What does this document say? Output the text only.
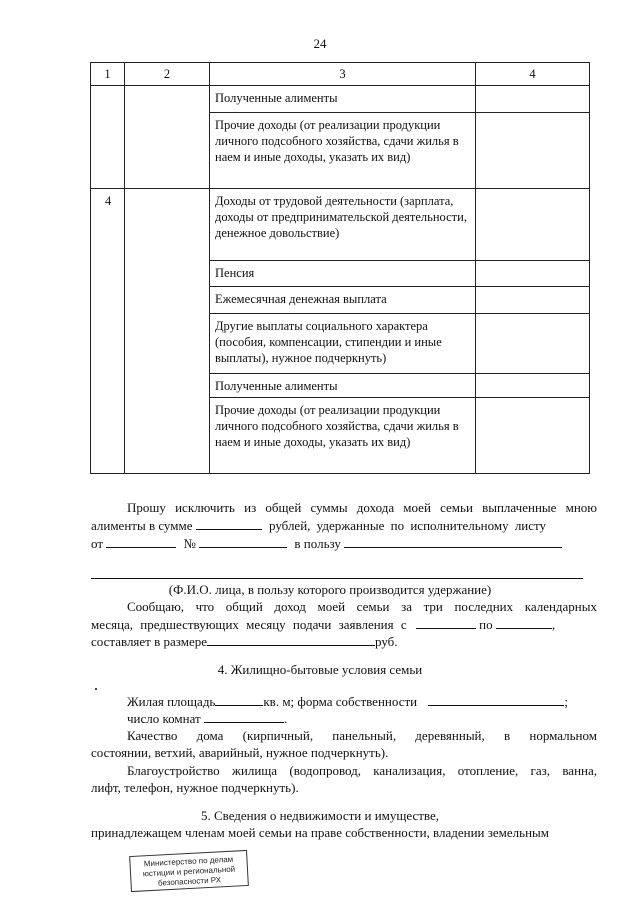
24
1	2	3	4
		Полученные алименты	
		Прочие доходы (от реализации продукции личного подсобного хозяйства, сдачи жилья в наем и иные доходы, указать их вид)	
4		Доходы от трудовой деятельности (зарплата, доходы от предпринимательской деятельности, денежное довольствие)	
		Пенсия	
		Ежемесячная денежная выплата	
		Другие выплаты социального характера (пособия, компенсации, стипендии и иные выплаты), нужное подчеркнуть)	
		Полученные алименты	
		Прочие доходы (от реализации продукции личного подсобного хозяйства, сдачи жилья в наем и иные доходы, указать их вид)	
Прошу исключить из общей суммы дохода моей семьи выплаченные мною
алименты в сумме	рублей, удержанные по исполнительному листу
от	№	в пользу
(Ф.И.О. лица, в пользу которого производится удержание)
Сообщаю, что общий доход моей семьи за три последних календарных
месяца, предшествующих месяцу подачи заявления с	по	,
составляет в размере	руб.
4. Жилищно-бытовые условия семьи
Жилая площадь	кв. м; форма собственности	;
число комнат	.
Качество дома (кирпичный, панельный, деревянный, в нормальном
состоянии, ветхий, аварийный, нужное подчеркнуть).
Благоустройство жилища (водопровод, канализация, отопление, газ, ванна,
лифт, телефон, нужное подчеркнуть).
5. Сведения о недвижимости и имуществе,
принадлежащем членам моей семьи на праве собственности, владении земельным
Министерство по делам
юстиции и региональной
безопасности РХ
